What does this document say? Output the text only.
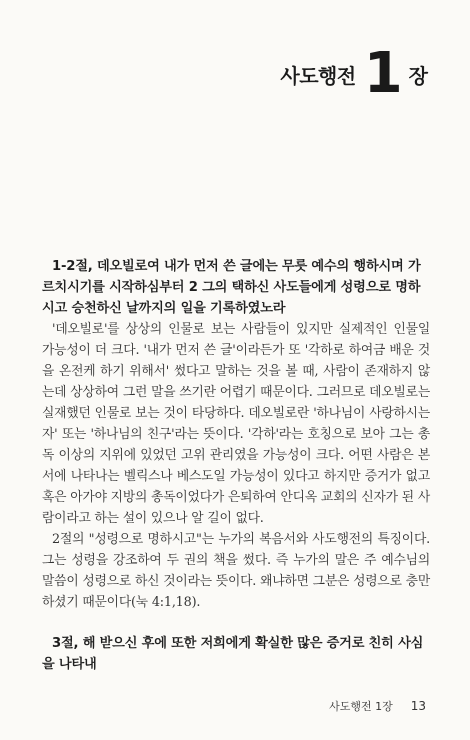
사도행전 1 장

1-2절, 데오빌로여 내가 먼저 쓴 글에는 무릇 예수의 행하시며 가르치시기를 시작하심부터 2 그의 택하신 사도들에게 성령으로 명하시고 승천하신 날까지의 일을 기록하였노라

'데오빌로'를 상상의 인물로 보는 사람들이 있지만 실제적인 인물일 가능성이 더 크다. '내가 먼저 쓴 글'이라든가 또 '각하로 하여금 배운 것을 온전케 하기 위해서' 썼다고 말하는 것을 볼 때, 사람이 존재하지 않는데 상상하여 그런 말을 쓰기란 어렵기 때문이다. 그러므로 데오빌로는 실재했던 인물로 보는 것이 타당하다. 데오빌로란 '하나님이 사랑하시는 자' 또는 '하나님의 친구'라는 뜻이다. '각하'라는 호칭으로 보아 그는 총독 이상의 지위에 있었던 고위 관리였을 가능성이 크다. 어떤 사람은 본서에 나타나는 벨릭스나 베스도일 가능성이 있다고 하지만 증거가 없고 혹은 아가야 지방의 총독이었다가 은퇴하여 안디옥 교회의 신자가 된 사람이라고 하는 설이 있으나 알 길이 없다.

2절의 "성령으로 명하시고"는 누가의 복음서와 사도행전의 특징이다. 그는 성령을 강조하여 두 권의 책을 썼다. 즉 누가의 말은 주 예수님의 말씀이 성령으로 하신 것이라는 뜻이다. 왜냐하면 그분은 성령으로 충만하셨기 때문이다(눅 4:1,18).

3절, 해 받으신 후에 또한 저희에게 확실한 많은 증거로 친히 사심을 나타내

사도행전 1장 13
